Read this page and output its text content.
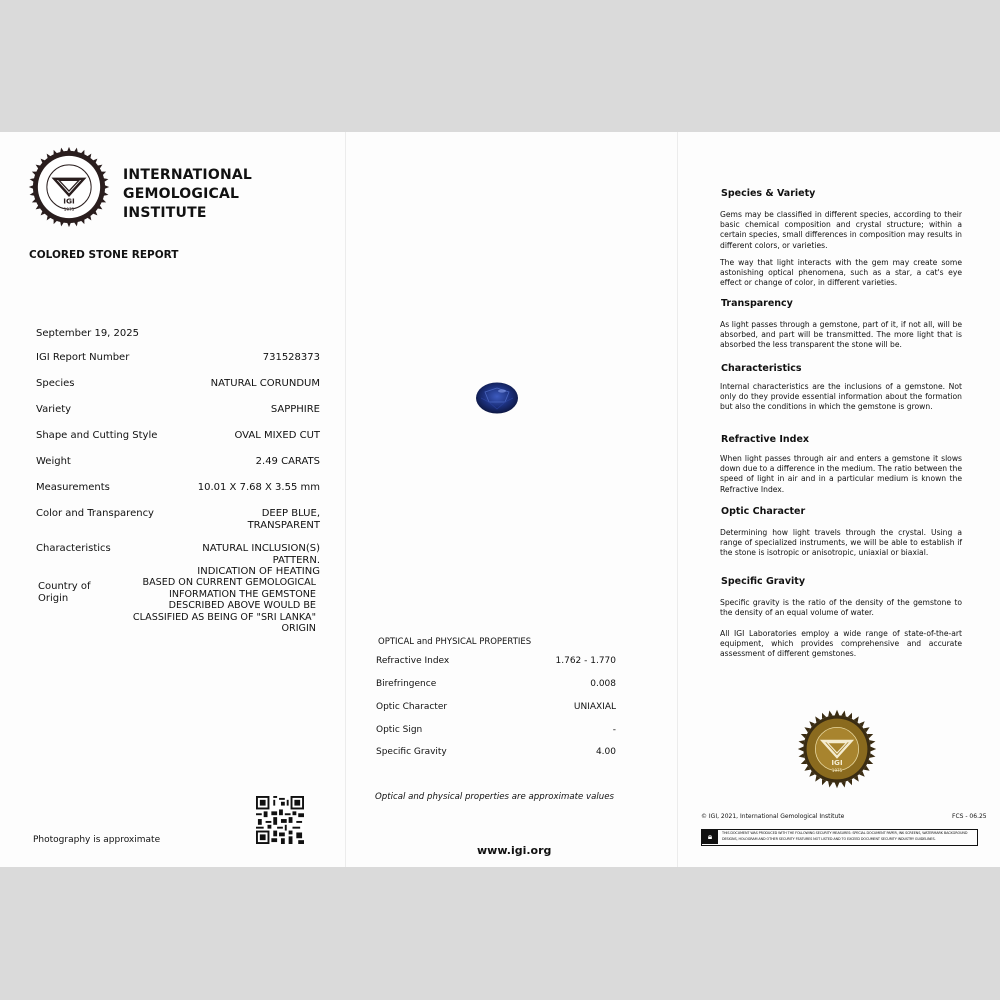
IGI
1975
INTERNATIONAL
GEMOLOGICAL
INSTITUTE
COLORED STONE REPORT
September 19, 2025
IGI Report Number	731528373
Species	NATURAL CORUNDUM
Variety	SAPPHIRE
Shape and Cutting Style	OVAL MIXED CUT
Weight	2.49 CARATS
Measurements	10.01 X 7.68 X 3.55 mm
Color and Transparency	DEEP BLUE,
TRANSPARENT
Characteristics	NATURAL INCLUSION(S)
PATTERN.
INDICATION OF HEATING
Country of
Origin
BASED ON CURRENT GEMOLOGICAL
INFORMATION THE GEMSTONE
DESCRIBED ABOVE WOULD BE
CLASSIFIED AS BEING OF "SRI LANKA"
ORIGIN
Photography is approximate
OPTICAL and PHYSICAL PROPERTIES
Refractive Index	1.762 - 1.770
Birefringence	0.008
Optic Character	UNIAXIAL
Optic Sign	-
Specific Gravity	4.00
Optical and physical properties are approximate values
www.igi.org
Species & Variety
Gems may be classified in different species, according to their basic chemical composition and crystal structure; within a certain species, small differences in composition may results in different colors, or varieties.
The way that light interacts with the gem may create some astonishing optical phenomena, such as a star, a cat's eye effect or change of color, in different varieties.
Transparency
As light passes through a gemstone, part of it, if not all, will be absorbed, and part will be transmitted. The more light that is absorbed the less transparent the stone will be.
Characteristics
Internal characteristics are the inclusions of a gemstone. Not only do they provide essential information about the formation but also the conditions in which the gemstone is grown.
Refractive Index
When light passes through air and enters a gemstone it slows down due to a difference in the medium. The ratio between the speed of light in air and in a particular medium is known the Refractive Index.
Optic Character
Determining how light travels through the crystal. Using a range of specialized instruments, we will be able to establish if the stone is isotropic or anisotropic, uniaxial or biaxial.
Specific Gravity
Specific gravity is the ratio of the density of the gemstone to the density of an equal volume of water.
All IGI Laboratories employ a wide range of state-of-the-art equipment, which provides comprehensive and accurate assessment of different gemstones.
IGI
1975
© IGI, 2021, International Gemological Institute	FCS - 06.25
🔒︎	THIS DOCUMENT WAS PRODUCED WITH THE FOLLOWING SECURITY MEASURES: SPECIAL DOCUMENT PAPER, INK SCREENS, WATERMARK BACKGROUND DESIGNS, HOLOGRAM AND OTHER SECURITY FEATURES NOT LISTED AND TO EXCEED DOCUMENT SECURITY INDUSTRY GUIDELINES.
